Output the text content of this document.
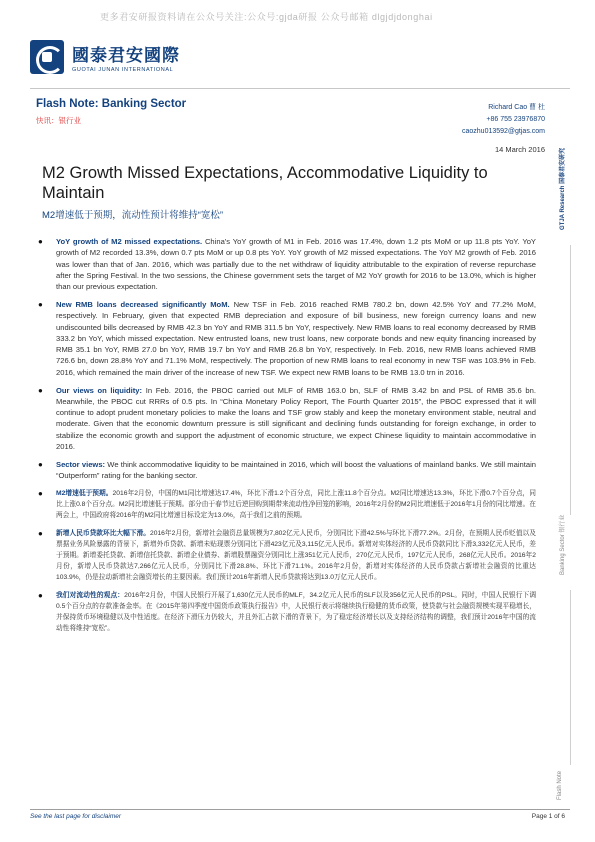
更多君安研报资料请在公众号关注:公众号:gjda研报 公众号邮箱 dlgjdjdonghai
國泰君安國際
GUOTAI JUNAN INTERNATIONAL
Flash Note: Banking Sector
快讯：银行业
Richard Cao 曹 杜
+86 755 23976870
caozhu013592@gtjas.com
14 March 2016	GTJA Research 国泰君安研究
Banking Sector 银行业
Flash Note
M2 Growth Missed Expectations, Accommodative Liquidity to Maintain
M2增速低于预期，流动性预计将维持“宽松”
● YoY growth of M2 missed expectations. China's YoY growth of M1 in Feb. 2016 was 17.4%, down 1.2 pts MoM or up 11.8 pts YoY. YoY growth of M2 recorded 13.3%, down 0.7 pts MoM or up 0.8 pts YoY. YoY growth of M2 missed expectations. The YoY M2 growth of Feb. 2016 was lower than that of Jan. 2016, which was partially due to the net withdraw of liquidity attributable to the expiration of reverse repurchase after the Spring Festival. In the two sessions, the Chinese government sets the target of M2 YoY growth for 2016 to be 13.0%, which is higher than our previous expectation.
● New RMB loans decreased significantly MoM. New TSF in Feb. 2016 reached RMB 780.2 bn, down 42.5% YoY and 77.2% MoM, respectively. In February, given that expected RMB depreciation and exposure of bill business, new foreign currency loans and new undiscounted bills decreased by RMB 42.3 bn YoY and RMB 311.5 bn YoY, respectively. New RMB loans to real economy decreased by RMB 333.2 bn YoY, which missed expectation. New entrusted loans, new trust loans, new corporate bonds and new equity financing increased by RMB 35.1 bn YoY, RMB 27.0 bn YoY, RMB 19.7 bn YoY and RMB 26.8 bn YoY, respectively. In Feb. 2016, new RMB loans achieved RMB 726.6 bn, down 28.8% YoY and 71.1% MoM, respectively. The proportion of new RMB loans to real economy in new TSF was 103.9% in Feb. 2016, which remained the main driver of the increase of new TSF. We expect new RMB loans to be RMB 13.0 trn in 2016.
● Our views on liquidity: In Feb. 2016, the PBOC carried out MLF of RMB 163.0 bn, SLF of RMB 3.42 bn and PSL of RMB 35.6 bn. Meanwhile, the PBOC cut RRRs of 0.5 pts. In “China Monetary Policy Report, The Fourth Quarter 2015”, the PBOC expressed that it will continue to adopt prudent monetary policies to make the loans and TSF grow stably and keep the monetary environment stable, neutral and moderate. Given that the economic downturn pressure is still significant and declining funds outstanding for foreign exchange, in order to stabilize the economic growth and support the adjustment of economic structure, we expect Chinese liquidity to maintain accommodative in 2016.
● Sector views: We think accommodative liquidity to be maintained in 2016, which will boost the valuations of mainland banks. We still maintain “Outperform” rating for the banking sector.
● M2增速低于预期。2016年2月份，中国的M1同比增速达17.4%，环比下滑1.2个百分点，同比上涨11.8个百分点。M2同比增速达13.3%，环比下滑0.7个百分点，同比上涨0.8个百分点。M2同比增速低于预期。部分由于春节过后逆回购到期带来流动性净回笼的影响，2016年2月份的M2同比增速低于2016年1月份的同比增速。在两会上，中国政府将2016年的M2同比增速目标设定为13.0%，高于我们之前的预期。
● 新增人民币贷款环比大幅下滑。2016年2月份，新增社会融资总量规模为7,802亿元人民币，分别同比下滑42.5%与环比下滑77.2%。2月份，在预期人民币贬值以及票据业务风险暴露的背景下，新增外币贷款、新增未贴现票分别同比下滑423亿元及3,115亿元人民币。新增对实体经济的人民币贷款同比下滑3,332亿元人民币，差于预期。新增委托贷款、新增信托贷款、新增企业债券、新增股票融资分别同比上涨351亿元人民币，270亿元人民币，197亿元人民币，268亿元人民币。2016年2月份，新增人民币贷款达7,266亿元人民币，分别同比下滑28.8%、环比下滑71.1%。2016年2月份，新增对实体经济的人民币贷款占新增社会融资的比重达103.9%，仍是拉动新增社会融资增长的主要因素。我们预计2016年新增人民币贷款将达到13.0万亿元人民币。
● 我们对流动性的观点：2016年2月份，中国人民银行开展了1,630亿元人民币的MLF，34.2亿元人民币的SLF以及356亿元人民币的PSL。同时，中国人民银行下调0.5个百分点的存款准备金率。在《2015年第四季度中国货币政策执行报告》中，人民银行表示将继续执行稳健的货币政策，使贷款与社会融资规模实现平稳增长，并保持货币环境稳健以及中性适度。在经济下滑压力仍较大，并且外汇占款下滑的背景下，为了稳定经济增长以及支持经济结构的调整，我们预计2016年中国的流动性将维持“宽松”。
See the last page for disclaimer	Page 1 of 6
